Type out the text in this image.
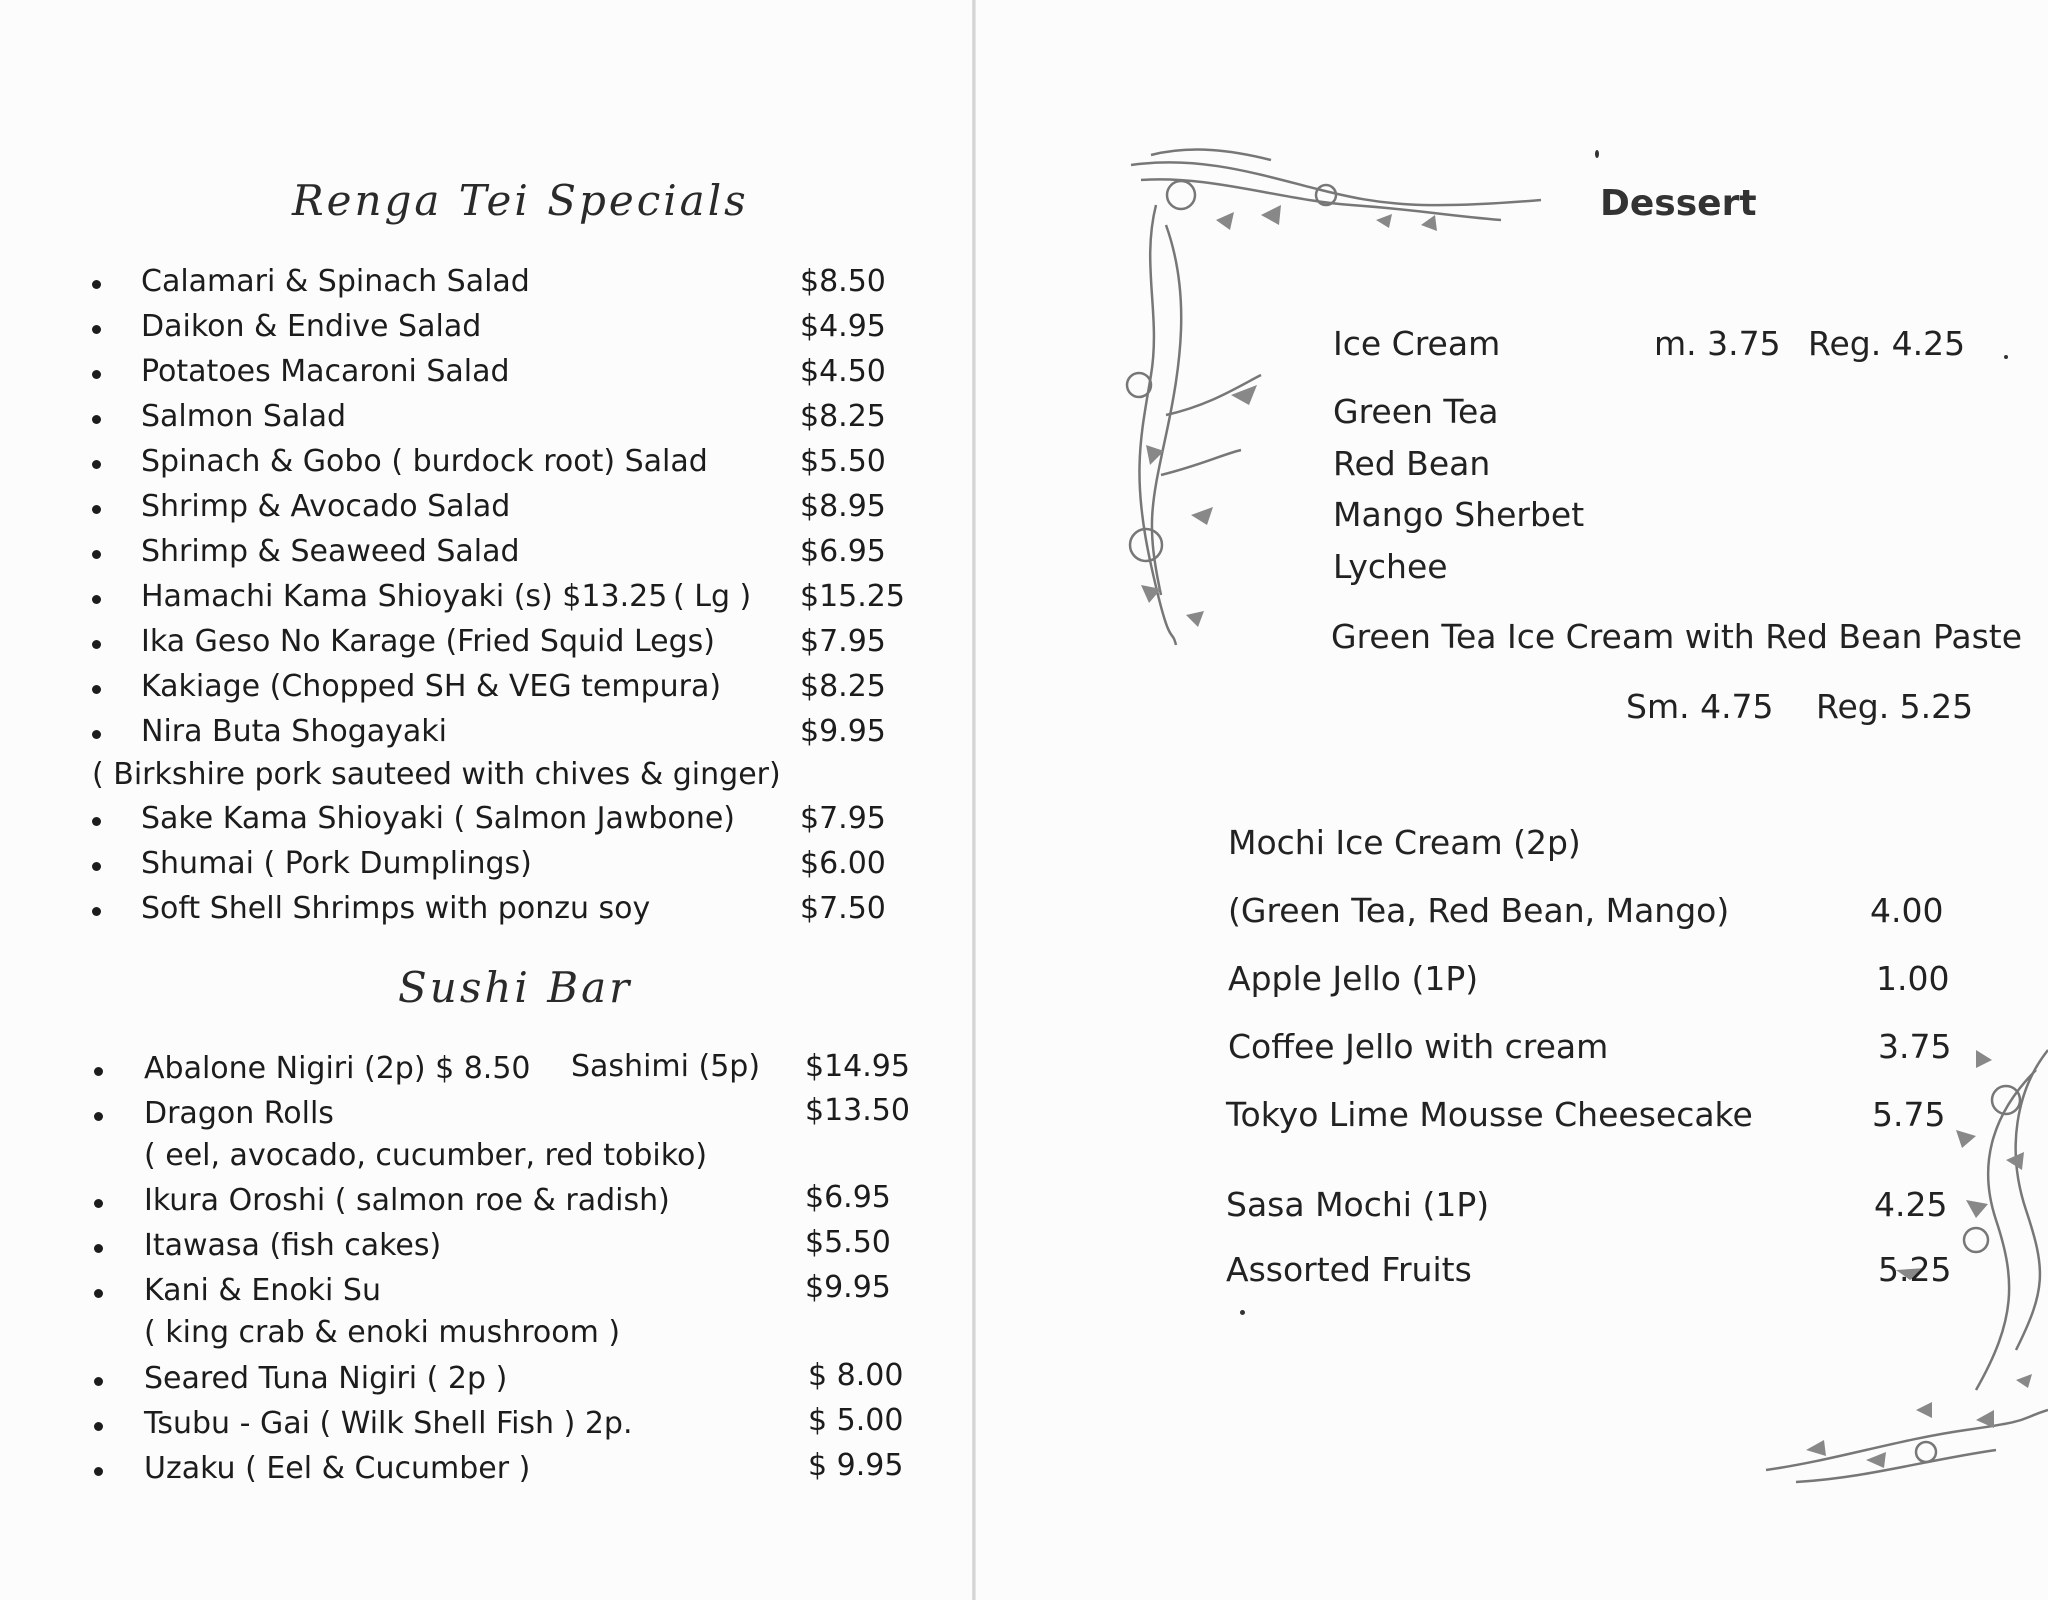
Renga Tei Specials
Calamari & Spinach Salad	$8.50
Daikon & Endive Salad	$4.95
Potatoes Macaroni Salad	$4.50
Salmon Salad	$8.25
Spinach & Gobo ( burdock root) Salad	$5.50
Shrimp & Avocado Salad	$8.95
Shrimp & Seaweed Salad	$6.95
Hamachi Kama Shioyaki (s) $13.25 ( Lg ) $15.25
Ika Geso No Karage (Fried Squid Legs)	$7.95
Kakiage (Chopped SH & VEG tempura)	$8.25
Nira Buta Shogayaki	$9.95
( Birkshire pork sauteed with chives & ginger)
Sake Kama Shioyaki ( Salmon Jawbone) $7.95
Shumai ( Pork Dumplings)	$6.00
Soft Shell Shrimps with ponzu soy	$7.50
Sushi Bar
Abalone Nigiri (2p) $ 8.50 Sashimi (5p) $14.95
Dragon Rolls	$13.50
( eel, avocado, cucumber, red tobiko)
Ikura Oroshi ( salmon roe & radish)	$6.95
Itawasa (fish cakes)	$5.50
Kani & Enoki Su	$9.95
( king crab & enoki mushroom )
Seared Tuna Nigiri ( 2p )	$ 8.00
Tsubu - Gai ( Wilk Shell Fish ) 2p.	$ 5.00
Uzaku ( Eel & Cucumber )	$ 9.95
Dessert
Ice Cream	m. 3.75 Reg. 4.25
Green Tea
Red Bean
Mango Sherbet
Lychee
Green Tea Ice Cream with Red Bean Paste
Sm. 4.75 Reg. 5.25
Mochi Ice Cream (2p)
(Green Tea, Red Bean, Mango)	4.00
Apple Jello (1P)	1.00
Coffee Jello with cream	3.75
Tokyo Lime Mousse Cheesecake	5.75
Sasa Mochi (1P)	4.25
Assorted Fruits	5.25
